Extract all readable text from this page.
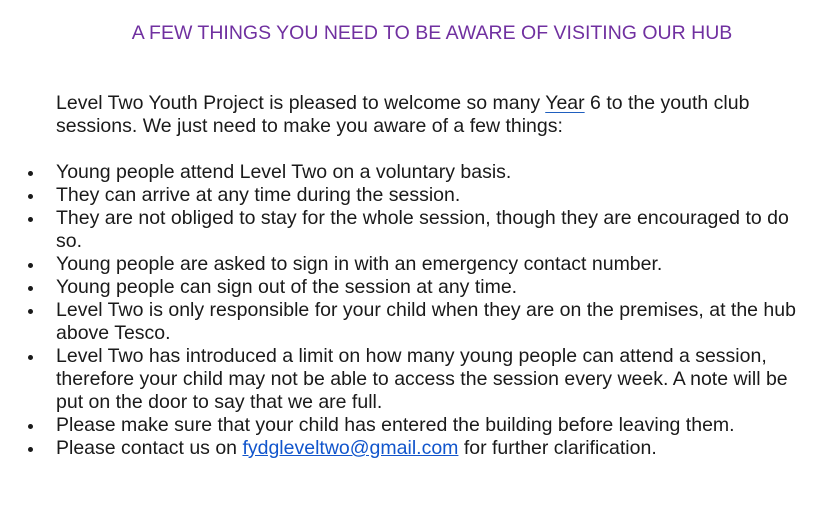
A FEW THINGS YOU NEED TO BE AWARE OF VISITING OUR HUB

Level Two Youth Project is pleased to welcome so many Year 6 to the youth club sessions. We just need to make you aware of a few things:

Young people attend Level Two on a voluntary basis.
They can arrive at any time during the session.
They are not obliged to stay for the whole session, though they are encouraged to do so.
Young people are asked to sign in with an emergency contact number.
Young people can sign out of the session at any time.
Level Two is only responsible for your child when they are on the premises, at the hub above Tesco.
Level Two has introduced a limit on how many young people can attend a session, therefore your child may not be able to access the session every week. A note will be put on the door to say that we are full.
Please make sure that your child has entered the building before leaving them.
Please contact us on fydgleveltwo@gmail.com for further clarification.
